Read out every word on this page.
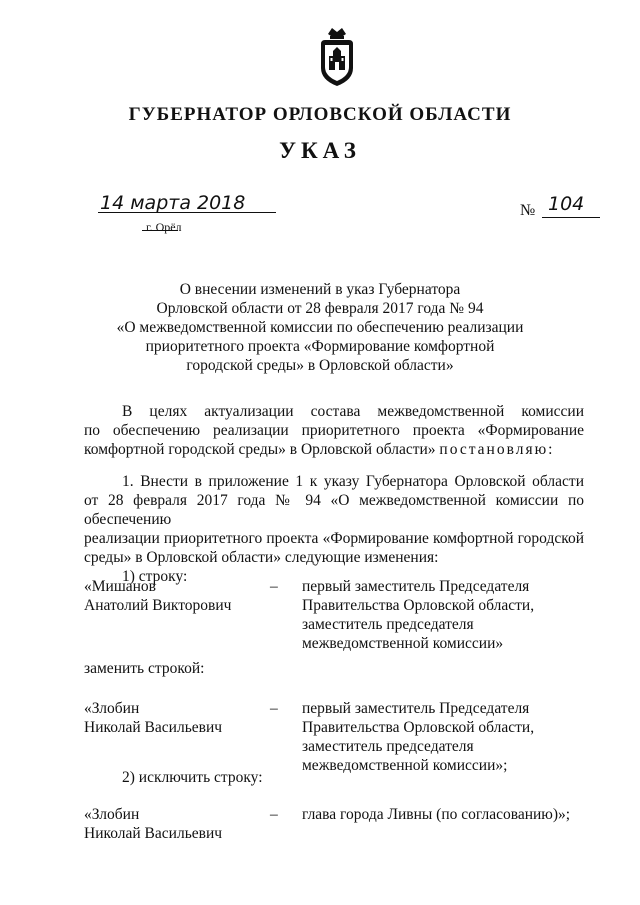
ГУБЕРНАТОР ОРЛОВСКОЙ ОБЛАСТИ
УКАЗ
14 марта 2018
г. Орёл
№ 104
О внесении изменений в указ Губернатора
Орловской области от 28 февраля 2017 года № 94
«О межведомственной комиссии по обеспечению реализации
приоритетного проекта «Формирование комфортной
городской среды» в Орловской области»
В целях актуализации состава межведомственной комиссии
по обеспечению реализации приоритетного проекта «Формирование
комфортной городской среды» в Орловской области» постановляю:
1. Внести в приложение 1 к указу Губернатора Орловской области
от 28 февраля 2017 года № 94 «О межведомственной комиссии по обеспечению
реализации приоритетного проекта «Формирование комфортной городской
среды» в Орловской области» следующие изменения:
1) строку:
«Мишанов
Анатолий Викторович
– первый заместитель Председателя
Правительства Орловской области,
заместитель председателя
межведомственной комиссии»
заменить строкой:
«Злобин
Николай Васильевич
– первый заместитель Председателя
Правительства Орловской области,
заместитель председателя
межведомственной комиссии»;
2) исключить строку:
«Злобин
Николай Васильевич
– глава города Ливны (по согласованию)»;
